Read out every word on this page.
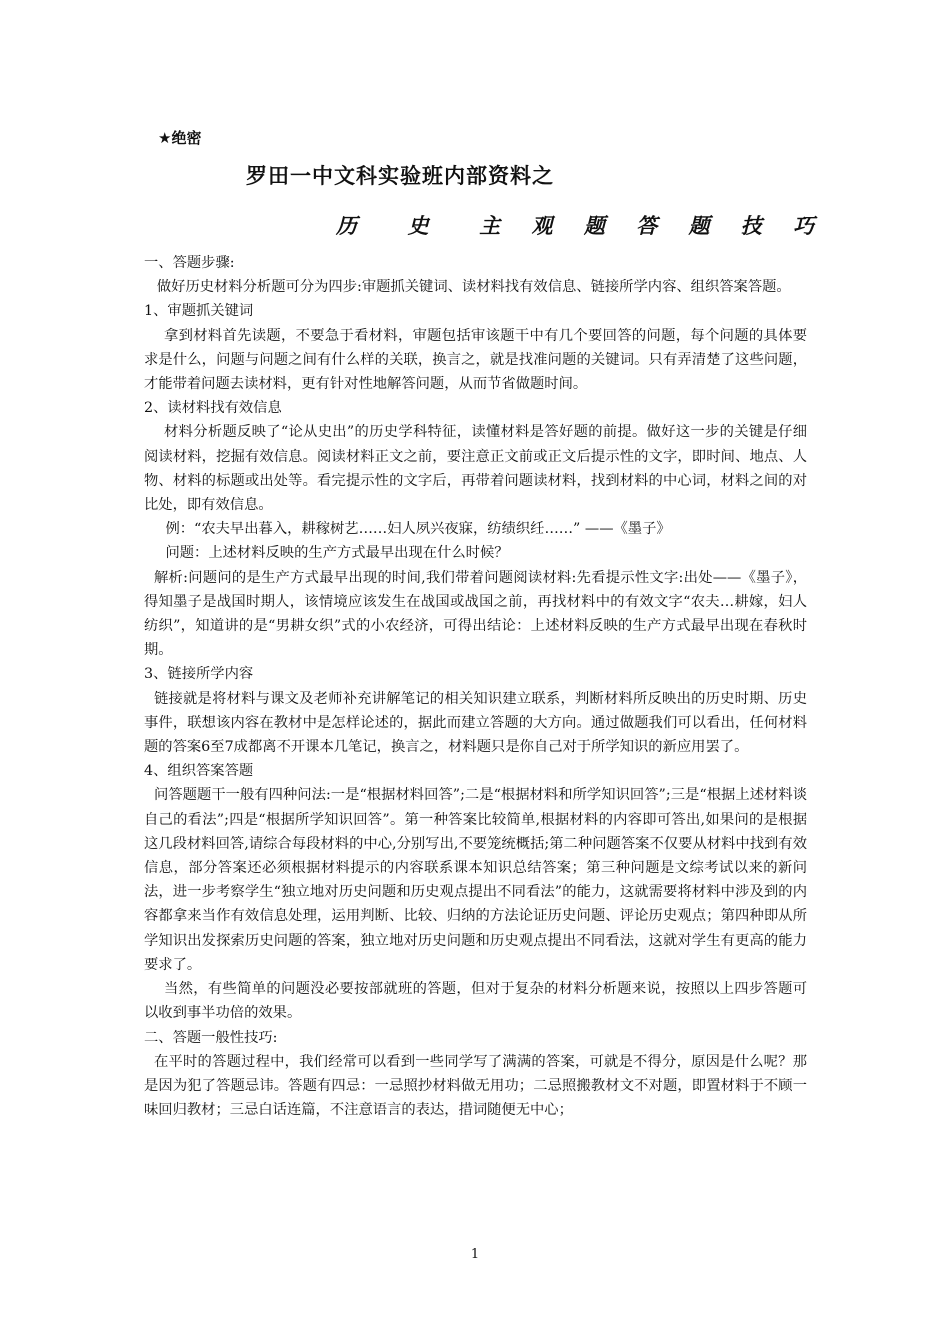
★绝密
罗田一中文科实验班内部资料之
历  史  主 观 题 答 题 技 巧

一、答题步骤:

做好历史材料分析题可分为四步:审题抓关键词、读材料找有效信息、链接所学内容、组织答案答题。

1、审题抓关键词

拿到材料首先读题，不要急于看材料，审题包括审该题干中有几个要回答的问题，每个问题的具体要求是什么，问题与问题之间有什么样的关联，换言之，就是找准问题的关键词。只有弄清楚了这些问题，才能带着问题去读材料，更有针对性地解答问题，从而节省做题时间。

2、读材料找有效信息

材料分析题反映了“论从史出”的历史学科特征，读懂材料是答好题的前提。做好这一步的关键是仔细阅读材料，挖掘有效信息。阅读材料正文之前，要注意正文前或正文后提示性的文字，即时间、地点、人物、材料的标题或出处等。看完提示性的文字后，再带着问题读材料，找到材料的中心词，材料之间的对比处，即有效信息。

例：“农夫早出暮入，耕稼树艺……妇人夙兴夜寐，纺绩织纴……” ——《墨子》

问题：上述材料反映的生产方式最早出现在什么时候？

解析:问题问的是生产方式最早出现的时间,我们带着问题阅读材料:先看提示性文字:出处——《墨子》，得知墨子是战国时期人，该情境应该发生在战国或战国之前，再找材料中的有效文字“农夫…耕嫁，妇人纺织”，知道讲的是“男耕女织”式的小农经济，可得出结论：上述材料反映的生产方式最早出现在春秋时期。

3、链接所学内容

链接就是将材料与课文及老师补充讲解笔记的相关知识建立联系，判断材料所反映出的历史时期、历史事件，联想该内容在教材中是怎样论述的，据此而建立答题的大方向。通过做题我们可以看出，任何材料题的答案6至7成都离不开课本几笔记，换言之，材料题只是你自己对于所学知识的新应用罢了。

4、组织答案答题

问答题题干一般有四种问法:一是“根据材料回答”;二是“根据材料和所学知识回答”;三是“根据上述材料谈自己的看法”;四是“根据所学知识回答”。第一种答案比较简单,根据材料的内容即可答出,如果问的是根据这几段材料回答,请综合每段材料的中心,分别写出,不要笼统概括;第二种问题答案不仅要从材料中找到有效信息，部分答案还必须根据材料提示的内容联系课本知识总结答案；第三种问题是文综考试以来的新问法，进一步考察学生“独立地对历史问题和历史观点提出不同看法”的能力，这就需要将材料中涉及到的内容都拿来当作有效信息处理，运用判断、比较、归纳的方法论证历史问题、评论历史观点；第四种即从所学知识出发探索历史问题的答案，独立地对历史问题和历史观点提出不同看法，这就对学生有更高的能力要求了。

当然，有些简单的问题没必要按部就班的答题，但对于复杂的材料分析题来说，按照以上四步答题可以收到事半功倍的效果。

二、答题一般性技巧:

在平时的答题过程中，我们经常可以看到一些同学写了满满的答案，可就是不得分，原因是什么呢？那是因为犯了答题忌讳。答题有四忌：一忌照抄材料做无用功；二忌照搬教材文不对题，即置材料于不顾一味回归教材；三忌白话连篇，不注意语言的表达，措词随便无中心；

1
